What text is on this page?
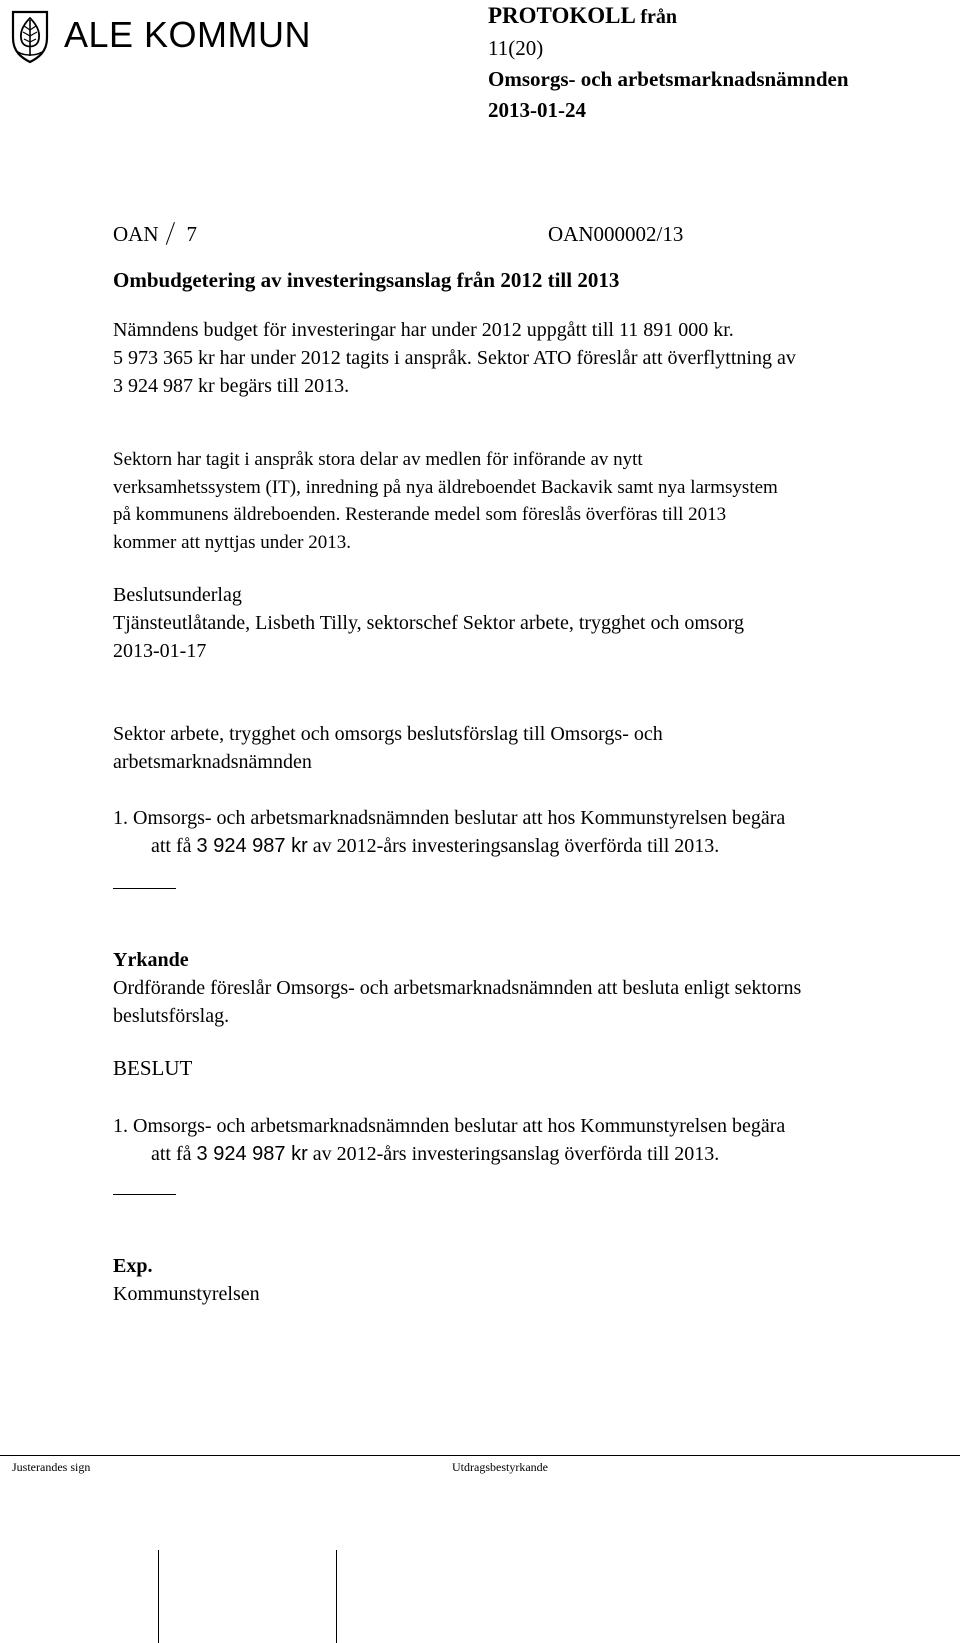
ALE KOMMUN	PROTOKOLL från
11(20)
Omsorgs- och arbetsmarknadsnämnden
2013-01-24
OAN 7	OAN000002/13
Ombudgetering av investeringsanslag från 2012 till 2013
Nämndens budget för investeringar har under 2012 uppgått till 11 891 000 kr.
5 973 365 kr har under 2012 tagits i anspråk. Sektor ATO föreslår att överflyttning av
3 924 987 kr begärs till 2013.
Sektorn har tagit i anspråk stora delar av medlen för införande av nytt
verksamhetssystem (IT), inredning på nya äldreboendet Backavik samt nya larmsystem
på kommunens äldreboenden. Resterande medel som föreslås överföras till 2013
kommer att nyttjas under 2013.
Beslutsunderlag
Tjänsteutlåtande, Lisbeth Tilly, sektorschef Sektor arbete, trygghet och omsorg
2013-01-17
Sektor arbete, trygghet och omsorgs beslutsförslag till Omsorgs- och
arbetsmarknadsnämnden
1. Omsorgs- och arbetsmarknadsnämnden beslutar att hos Kommunstyrelsen begära
att få 3 924 987 kr av 2012-års investeringsanslag överförda till 2013.
Yrkande
Ordförande föreslår Omsorgs- och arbetsmarknadsnämnden att besluta enligt sektorns
beslutsförslag.
BESLUT
1. Omsorgs- och arbetsmarknadsnämnden beslutar att hos Kommunstyrelsen begära
att få 3 924 987 kr av 2012-års investeringsanslag överförda till 2013.
Exp.
Kommunstyrelsen
Justerandes sign	Utdragsbestyrkande
